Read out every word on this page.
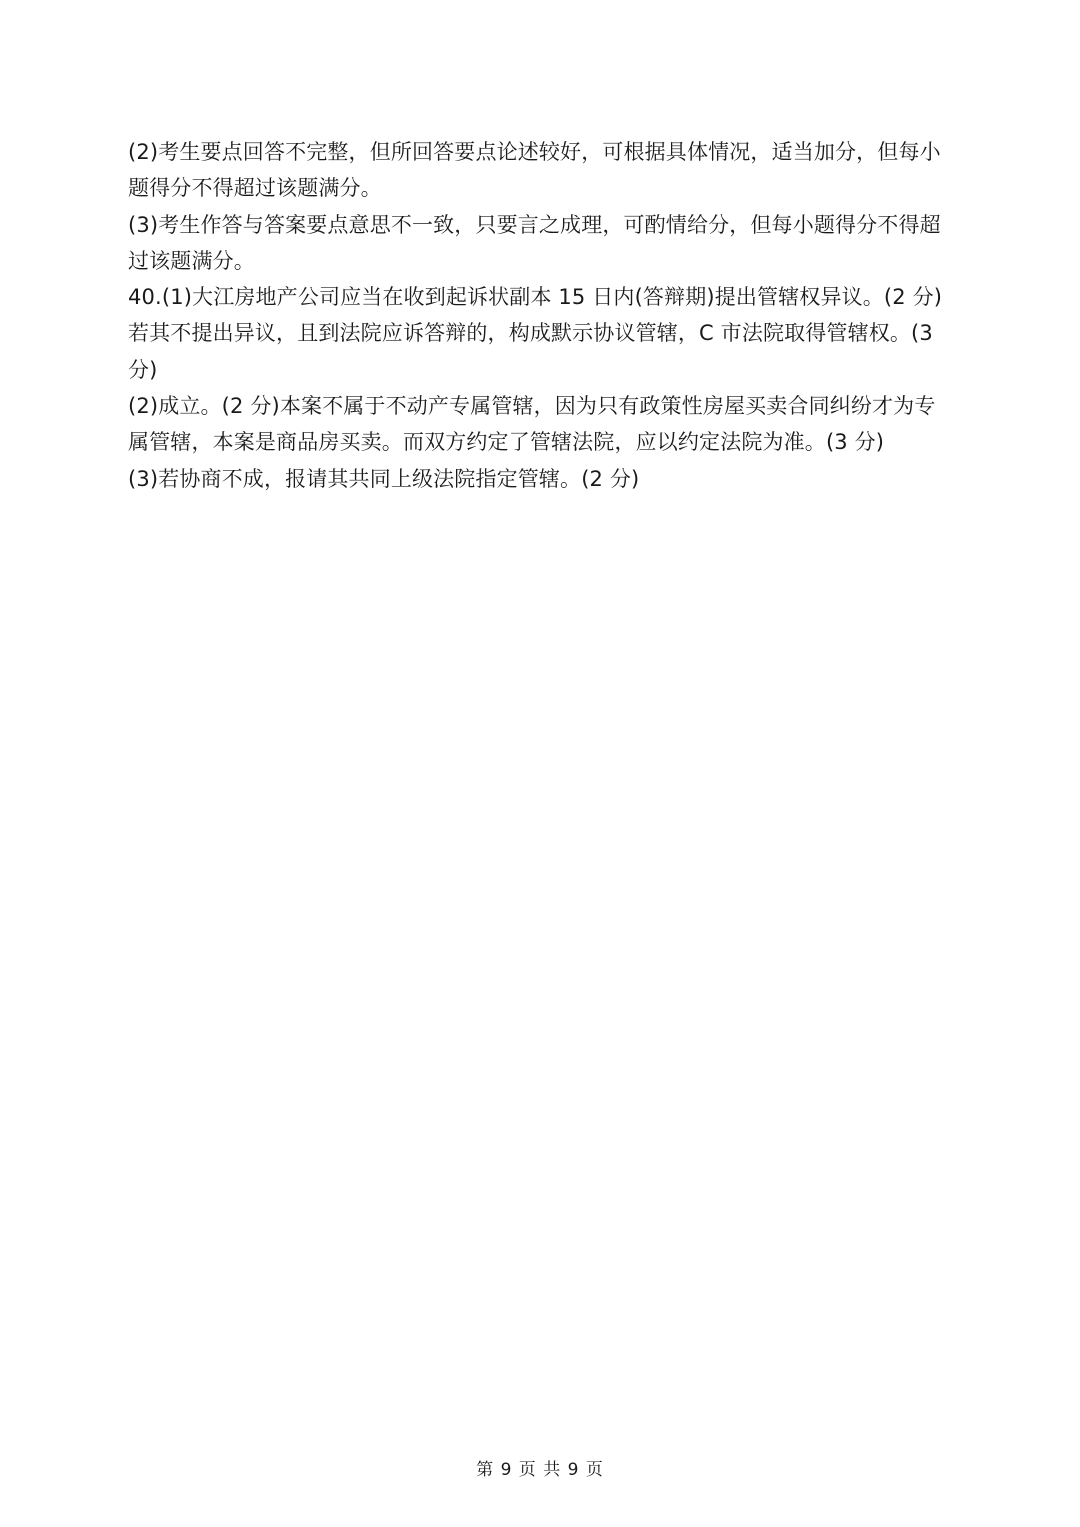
(2)考生要点回答不完整，但所回答要点论述较好，可根据具体情况，适当加分，但每小
题得分不得超过该题满分。
(3)考生作答与答案要点意思不一致，只要言之成理，可酌情给分，但每小题得分不得超
过该题满分。
40.(1)大江房地产公司应当在收到起诉状副本 15 日内(答辩期)提出管辖权异议。(2 分)
若其不提出异议，且到法院应诉答辩的，构成默示协议管辖，C 市法院取得管辖权。(3
分)
(2)成立。(2 分)本案不属于不动产专属管辖，因为只有政策性房屋买卖合同纠纷才为专
属管辖，本案是商品房买卖。而双方约定了管辖法院，应以约定法院为准。(3 分)
(3)若协商不成，报请其共同上级法院指定管辖。(2 分)
第 9 页 共 9 页
